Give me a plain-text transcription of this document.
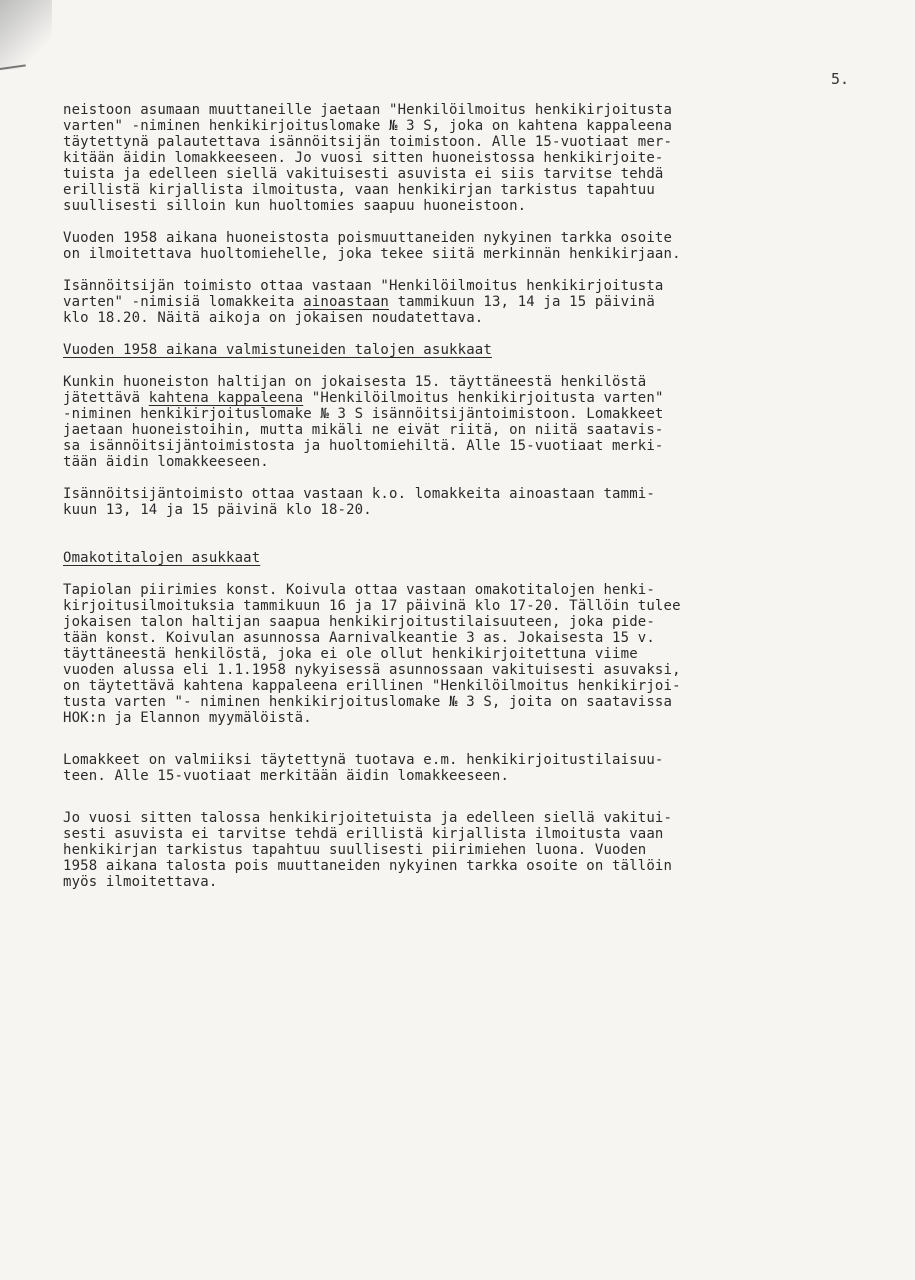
5.

neistoon asumaan muuttaneille jaetaan "Henkilöilmoitus henkikirjoitusta
varten" -niminen henkikirjoituslomake № 3 S, joka on kahtena kappaleena
täytettynä palautettava isännöitsijän toimistoon. Alle 15-vuotiaat mer-
kitään äidin lomakkeeseen. Jo vuosi sitten huoneistossa henkikirjoite-
tuista ja edelleen siellä vakituisesti asuvista ei siis tarvitse tehdä
erillistä kirjallista ilmoitusta, vaan henkikirjan tarkistus tapahtuu
suullisesti silloin kun huoltomies saapuu huoneistoon.

Vuoden 1958 aikana huoneistosta poismuuttaneiden nykyinen tarkka osoite
on ilmoitettava huoltomiehelle, joka tekee siitä merkinnän henkikirjaan.

Isännöitsijän toimisto ottaa vastaan "Henkilöilmoitus henkikirjoitusta
varten" -nimisiä lomakkeita ainoastaan tammikuun 13, 14 ja 15 päivinä
klo 18.20. Näitä aikoja on jokaisen noudatettava.

Vuoden 1958 aikana valmistuneiden talojen asukkaat

Kunkin huoneiston haltijan on jokaisesta 15. täyttäneestä henkilöstä
jätettävä kahtena kappaleena "Henkilöilmoitus henkikirjoitusta varten"
-niminen henkikirjoituslomake № 3 S isännöitsijäntoimistoon. Lomakkeet
jaetaan huoneistoihin, mutta mikäli ne eivät riitä, on niitä saatavis-
sa isännöitsijäntoimistosta ja huoltomiehiltä. Alle 15-vuotiaat merki-
tään äidin lomakkeeseen.

Isännöitsijäntoimisto ottaa vastaan k.o. lomakkeita ainoastaan tammi-
kuun 13, 14 ja 15 päivinä klo 18-20.

Omakotitalojen asukkaat

Tapiolan piirimies konst. Koivula ottaa vastaan omakotitalojen henki-
kirjoitusilmoituksia tammikuun 16 ja 17 päivinä klo 17-20. Tällöin tulee
jokaisen talon haltijan saapua henkikirjoitustilaisuuteen, joka pide-
tään konst. Koivulan asunnossa Aarnivalkeantie 3 as. Jokaisesta 15 v.
täyttäneestä henkilöstä, joka ei ole ollut henkikirjoitettuna viime
vuoden alussa eli 1.1.1958 nykyisessä asunnossaan vakituisesti asuvaksi,
on täytettävä kahtena kappaleena erillinen "Henkilöilmoitus henkikirjoi-
tusta varten "- niminen henkikirjoituslomake № 3 S, joita on saatavissa
HOK:n ja Elannon myymälöistä.

Lomakkeet on valmiiksi täytettynä tuotava e.m. henkikirjoitustilaisuu-
teen. Alle 15-vuotiaat merkitään äidin lomakkeeseen.

Jo vuosi sitten talossa henkikirjoitetuista ja edelleen siellä vakitui-
sesti asuvista ei tarvitse tehdä erillistä kirjallista ilmoitusta vaan
henkikirjan tarkistus tapahtuu suullisesti piirimiehen luona. Vuoden
1958 aikana talosta pois muuttaneiden nykyinen tarkka osoite on tällöin
myös ilmoitettava.
